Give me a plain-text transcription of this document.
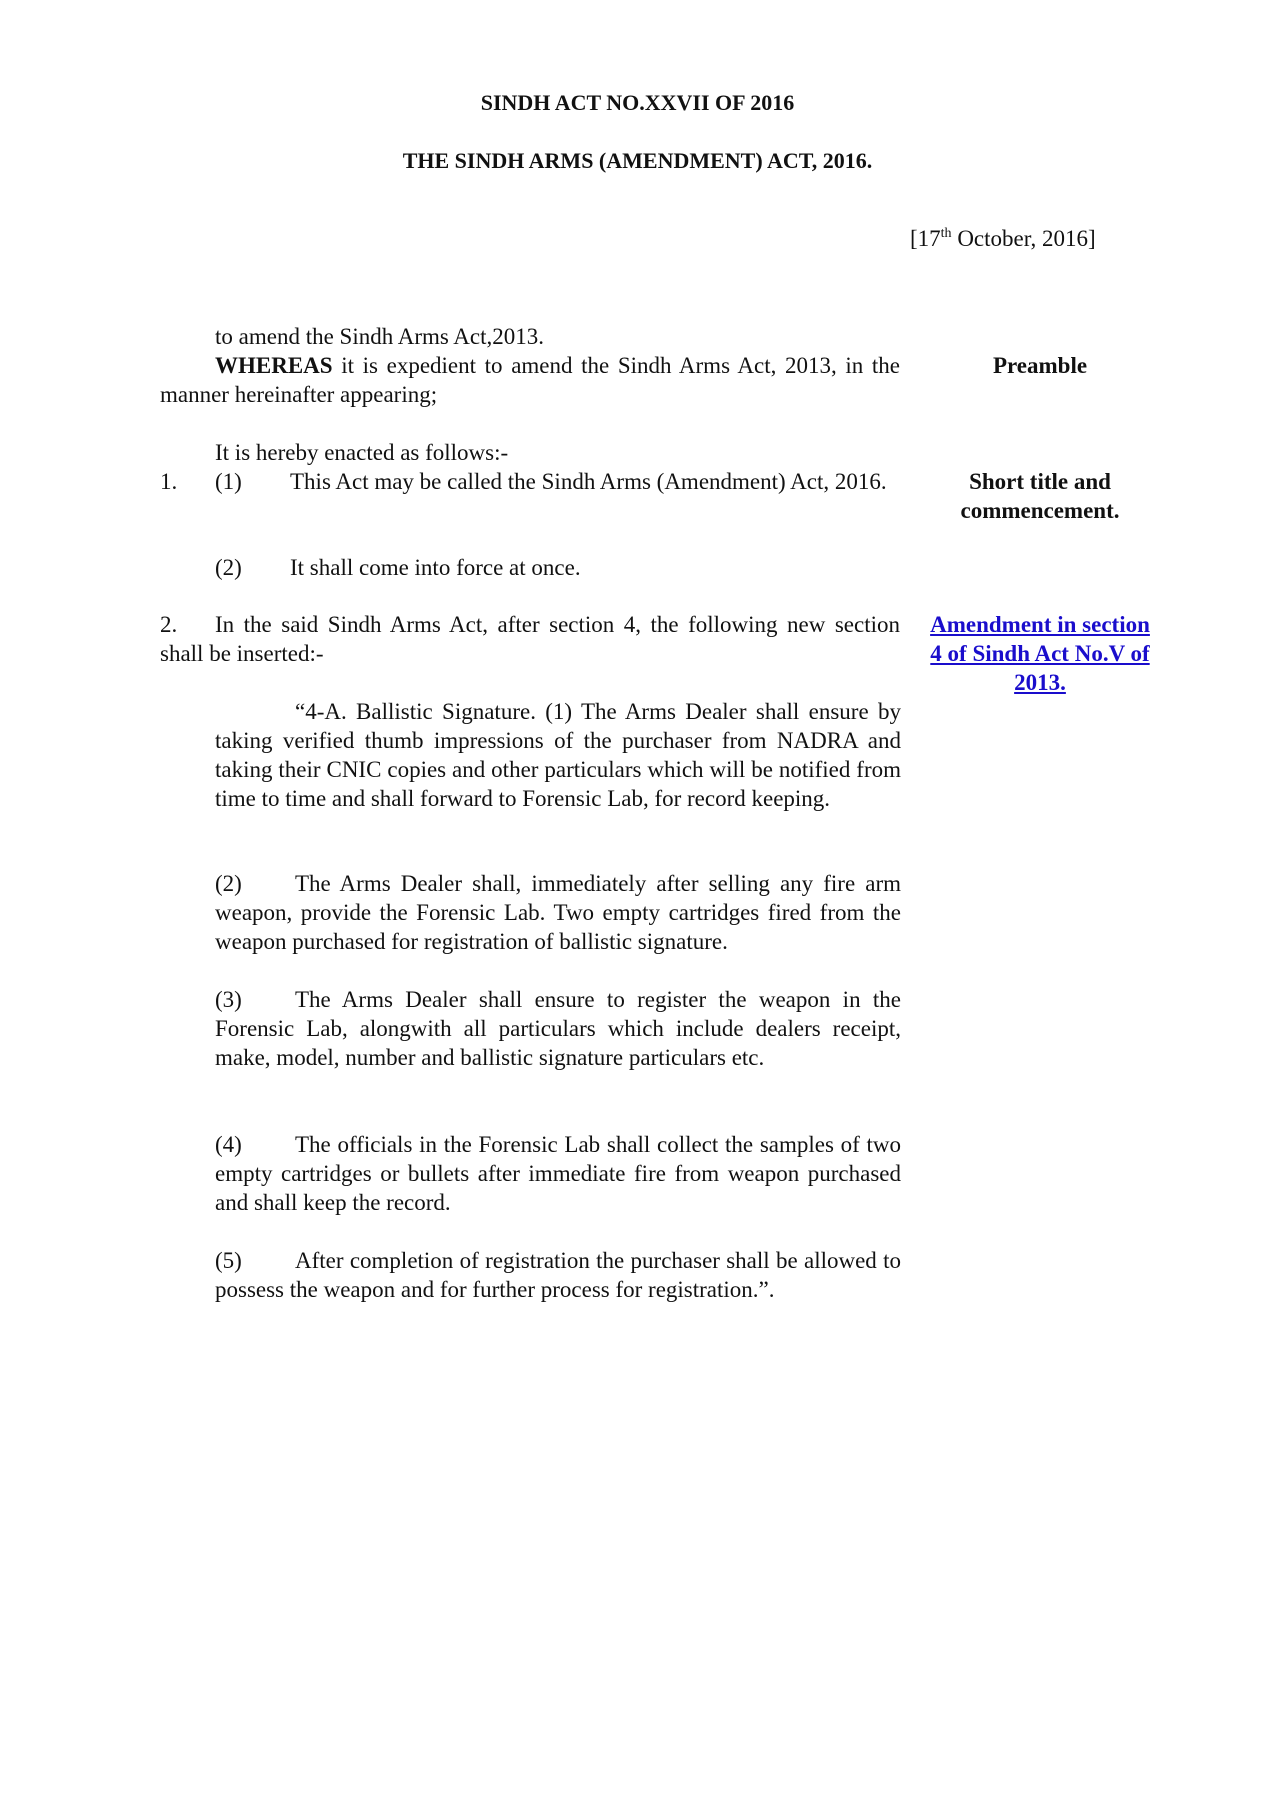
SINDH ACT NO.XXVII OF 2016
THE SINDH ARMS (AMENDMENT) ACT, 2016.
[17th October, 2016]
to amend the Sindh Arms Act,2013.
WHEREAS it is expedient to amend the Sindh Arms Act, 2013, in the manner hereinafter appearing;
It is hereby enacted as follows:-
1. (1) This Act may be called the Sindh Arms (Amendment) Act, 2016.
(2) It shall come into force at once.
2. In the said Sindh Arms Act, after section 4, the following new section shall be inserted:-
“4-A. Ballistic Signature. (1) The Arms Dealer shall ensure by taking verified thumb impressions of the purchaser from NADRA and taking their CNIC copies and other particulars which will be notified from time to time and shall forward to Forensic Lab, for record keeping.
(2) The Arms Dealer shall, immediately after selling any fire arm weapon, provide the Forensic Lab. Two empty cartridges fired from the weapon purchased for registration of ballistic signature.
(3) The Arms Dealer shall ensure to register the weapon in the Forensic Lab, alongwith all particulars which include dealers receipt, make, model, number and ballistic signature particulars etc.
(4) The officials in the Forensic Lab shall collect the samples of two empty cartridges or bullets after immediate fire from weapon purchased and shall keep the record.
(5) After completion of registration the purchaser shall be allowed to possess the weapon and for further process for registration.”.
Preamble
Short title and
commencement.
Amendment in section
4 of Sindh Act No.V of
2013.
